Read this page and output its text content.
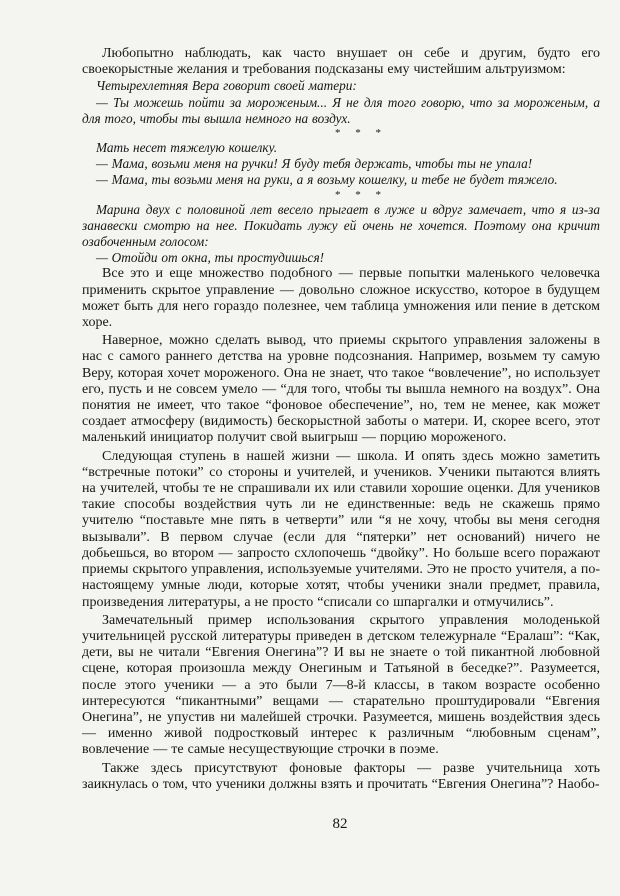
Любопытно наблюдать, как часто внушает он себе и другим, будто его своекорыстные желания и требования подсказаны ему чистейшим альтруизмом:

Четырехлетняя Вера говорит своей матери:

— Ты можешь пойти за мороженым... Я не для того говорю, что за мороженым, а для того, чтобы ты вышла немного на воздух.

* * *

Мать несет тяжелую кошелку.

— Мама, возьми меня на ручки! Я буду тебя держать, чтобы ты не упала!

— Мама, ты возьми меня на руки, а я возьму кошелку, и тебе не будет тяжело.

* * *

Марина двух с половиной лет весело прыгает в луже и вдруг замечает, что я из-за занавески смотрю на нее. Покидать лужу ей очень не хочется. Поэтому она кричит озабоченным голосом:

— Отойди от окна, ты простудишься!

Все это и еще множество подобного — первые попытки маленького человечка применить скрытое управление — довольно сложное искусство, которое в будущем может быть для него гораздо полезнее, чем таблица умножения или пение в детском хоре.

Наверное, можно сделать вывод, что приемы скрытого управления заложены в нас с самого раннего детства на уровне подсознания. Например, возьмем ту самую Веру, которая хочет мороженого. Она не знает, что такое “вовлечение”, но использует его, пусть и не совсем умело — “для того, чтобы ты вышла немного на воздух”. Она понятия не имеет, что такое “фоновое обеспечение”, но, тем не менее, как может создает атмосферу (видимость) бескорыстной заботы о матери. И, скорее всего, этот маленький инициатор получит свой выигрыш — порцию мороженого.

Следующая ступень в нашей жизни — школа. И опять здесь можно заметить “встречные потоки” со стороны и учителей, и учеников. Ученики пытаются влиять на учителей, чтобы те не спрашивали их или ставили хорошие оценки. Для учеников такие способы воздействия чуть ли не единственные: ведь не скажешь прямо учителю “поставьте мне пять в четверти” или “я не хочу, чтобы вы меня сегодня вызывали”. В первом случае (если для “пятерки” нет оснований) ничего не добьешься, во втором — запросто схлопочешь “двойку”. Но больше всего поражают приемы скрытого управления, используемые учителями. Это не просто учителя, а по-настоящему умные люди, которые хотят, чтобы ученики знали предмет, правила, произведения литературы, а не просто “списали со шпаргалки и отмучились”.

Замечательный пример использования скрытого управления молоденькой учительницей русской литературы приведен в детском тележурнале “Ералаш”: “Как, дети, вы не читали “Евгения Онегина”? И вы не знаете о той пикантной любовной сцене, которая произошла между Онегиным и Татьяной в беседке?”. Разумеется, после этого ученики — а это были 7—8-й классы, в таком возрасте особенно интересуются “пикантными” вещами — старательно проштудировали “Евгения Онегина”, не упустив ни малейшей строчки. Разумеется, мишень воздействия здесь — именно живой подростковый интерес к различным “любовным сценам”, вовлечение — те самые несуществующие строчки в поэме.

Также здесь присутствуют фоновые факторы — разве учительница хоть заикнулась о том, что ученики должны взять и прочитать “Евгения Онегина”? Наобо-

82
